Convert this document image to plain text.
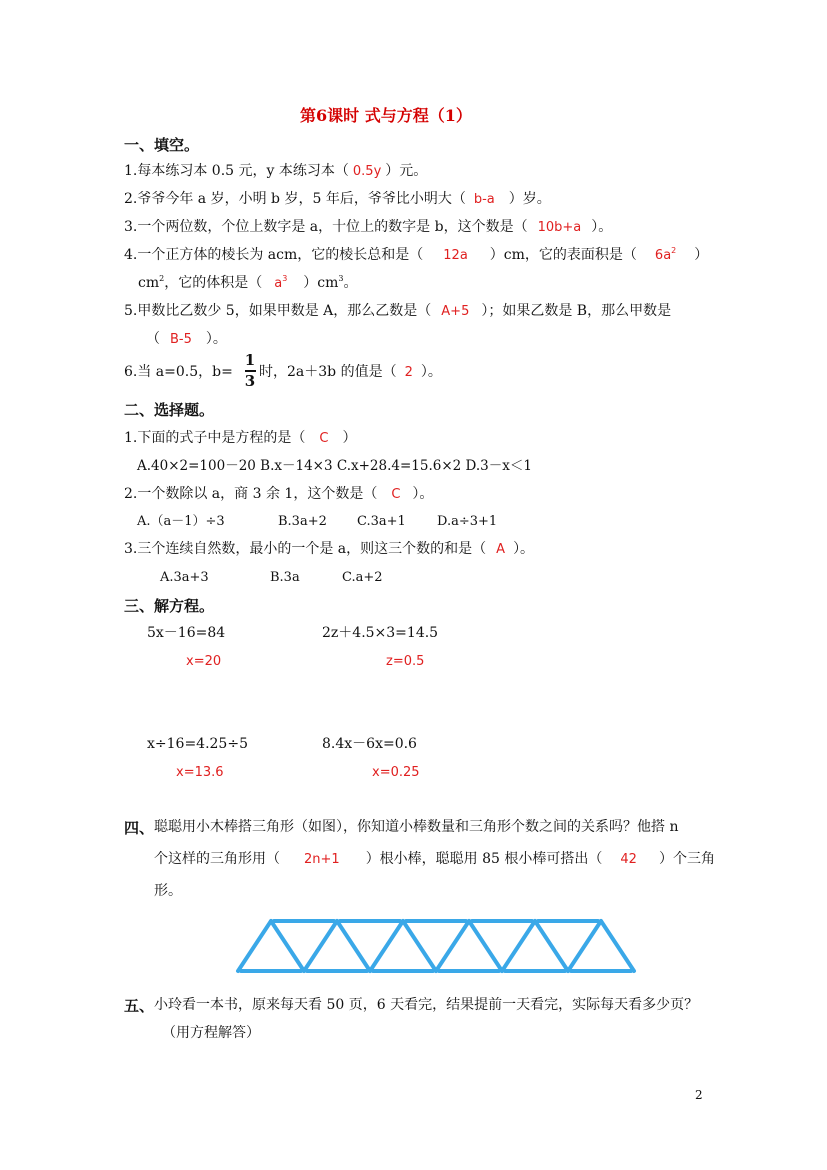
第6课时 式与方程（1）
一、填空。
1.每本练习本 0.5 元，y 本练习本（ 0.5y ）元。
2.爷爷今年 a 岁，小明 b 岁，5 年后，爷爷比小明大（ b-a ）岁。
3.一个两位数，个位上数字是 a，十位上的数字是 b，这个数是（ 10b+a ）。
4.一个正方体的棱长为 acm，它的棱长总和是（ 12a ）cm，它的表面积是（ $6a^2$ ）
$cm^2$，它的体积是（ $a^3$ ）$cm^3$。
5.甲数比乙数少 5，如果甲数是 A，那么乙数是（ A+5 ）；如果乙数是 B，那么甲数是
（ B-5 ）。
6.当 a=0.5，b=
1
3 时，2a＋3b 的值是（ 2 ）。
二、选择题。
1.下面的式子中是方程的是（ C ）
A.40×2=100－20 B.x－14×3 C.x+28.4=15.6×2 D.3－x＜1
2.一个数除以 a，商 3 余 1，这个数是（ C ）。
A.（a－1）÷3	B.3a+2 C.3a+1 D.a÷3+1
3.三个连续自然数，最小的一个是 a，则这三个数的和是（ A ）。
A.3a+3	B.3a	C.a+2
三、解方程。
5x－16=84
x=20
2z＋4.5×3=14.5
z=0.5
x÷16=4.25÷5
x=13.6
8.4x－6x=0.6
x=0.25
四、 聪聪用小木棒搭三角形（如图），你知道小棒数量和三角形个数之间的关系吗？他搭 n
个这样的三角形用（ 2n+1 ）根小棒，聪聪用 85 根小棒可搭出（ 42 ）个三角
形。
五、 小玲看一本书，原来每天看 50 页，6 天看完，结果提前一天看完，实际每天看多少页？
（用方程解答）
2
